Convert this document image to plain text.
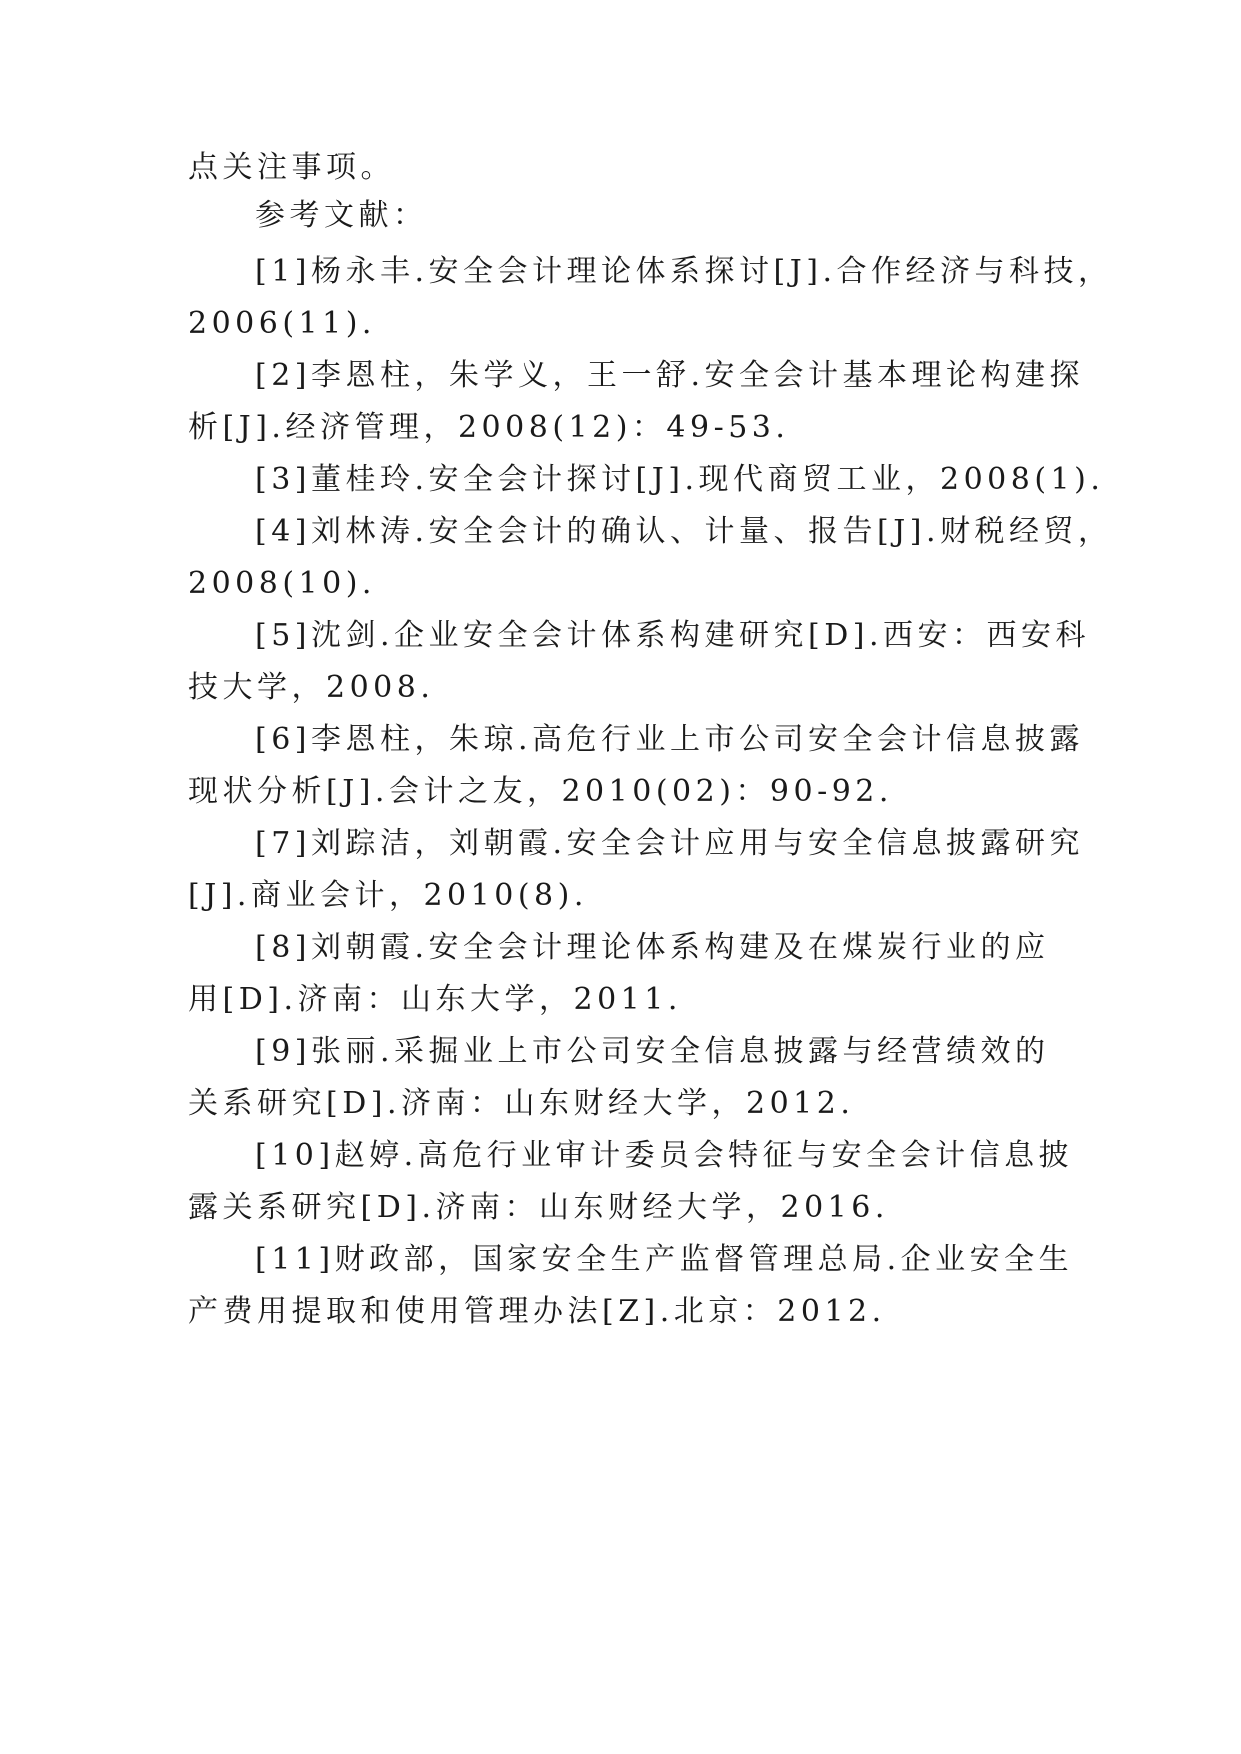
点关注事项。
参考文献：
[1]杨永丰.安全会计理论体系探讨[J].合作经济与科技，
2006(11).
[2]李恩柱，朱学义，王一舒.安全会计基本理论构建探
析[J].经济管理，2008(12)：49-53.
[3]董桂玲.安全会计探讨[J].现代商贸工业，2008(1).
[4]刘林涛.安全会计的确认、计量、报告[J].财税经贸，
2008(10).
[5]沈剑.企业安全会计体系构建研究[D].西安：西安科
技大学，2008.
[6]李恩柱，朱琼.高危行业上市公司安全会计信息披露
现状分析[J].会计之友，2010(02)：90-92.
[7]刘踪洁，刘朝霞.安全会计应用与安全信息披露研究
[J].商业会计，2010(8).
[8]刘朝霞.安全会计理论体系构建及在煤炭行业的应
用[D].济南：山东大学，2011.
[9]张丽.采掘业上市公司安全信息披露与经营绩效的
关系研究[D].济南：山东财经大学，2012.
[10]赵婷.高危行业审计委员会特征与安全会计信息披
露关系研究[D].济南：山东财经大学，2016.
[11]财政部，国家安全生产监督管理总局.企业安全生
产费用提取和使用管理办法[Z].北京：2012.
